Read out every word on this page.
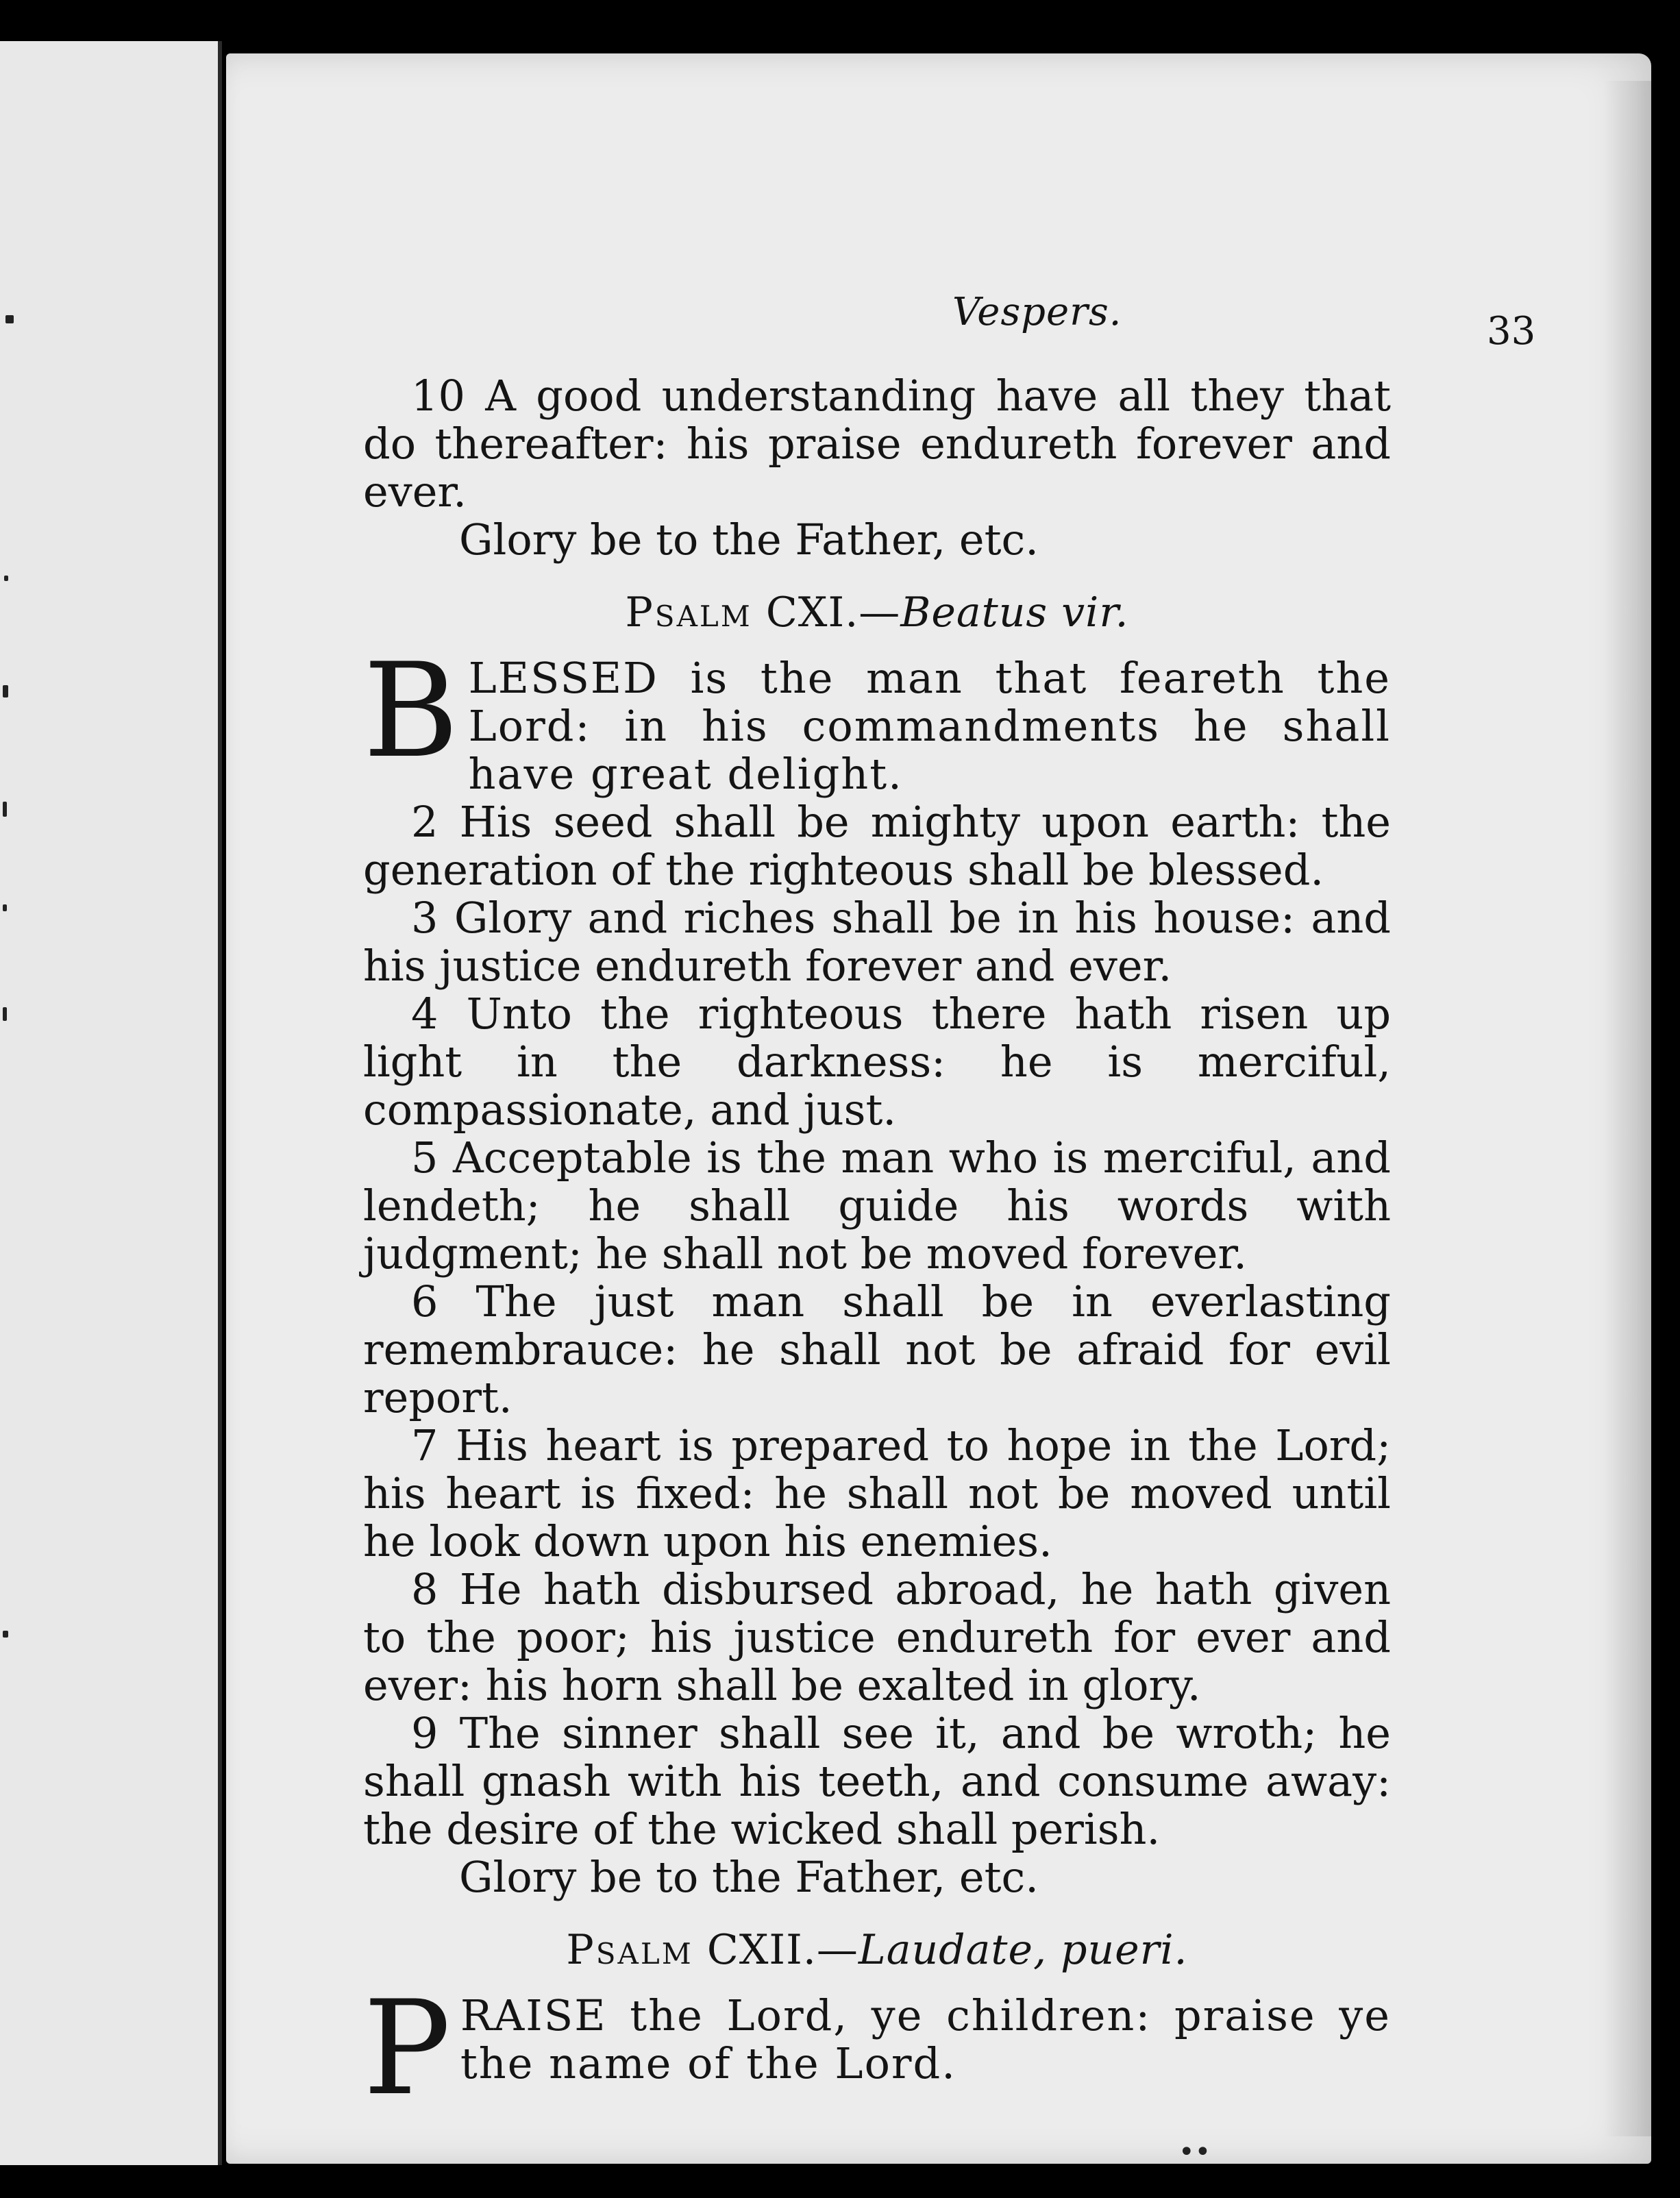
Vespers.	33

10 A good understanding have all they that do thereafter: his praise endureth forever and ever.

Glory be to the Father, etc.

Psalm CXI.—Beatus vir.

B LESSED is the man that feareth the Lord: in his commandments he shall have great delight.

2 His seed shall be mighty upon earth: the generation of the righteous shall be blessed.

3 Glory and riches shall be in his house: and his justice endureth forever and ever.

4 Unto the righteous there hath risen up light in the darkness: he is merciful, compassionate, and just.

5 Acceptable is the man who is merciful, and lendeth; he shall guide his words with judgment; he shall not be moved forever.

6 The just man shall be in everlasting remembrauce: he shall not be afraid for evil report.

7 His heart is prepared to hope in the Lord; his heart is fixed: he shall not be moved until he look down upon his enemies.

8 He hath disbursed abroad, he hath given to the poor; his justice endureth for ever and ever: his horn shall be exalted in glory.

9 The sinner shall see it, and be wroth; he shall gnash with his teeth, and consume away: the desire of the wicked shall perish.

Glory be to the Father, etc.

Psalm CXII.—Laudate, pueri.

P RAISE the Lord, ye children: praise ye the name of the Lord.

••
